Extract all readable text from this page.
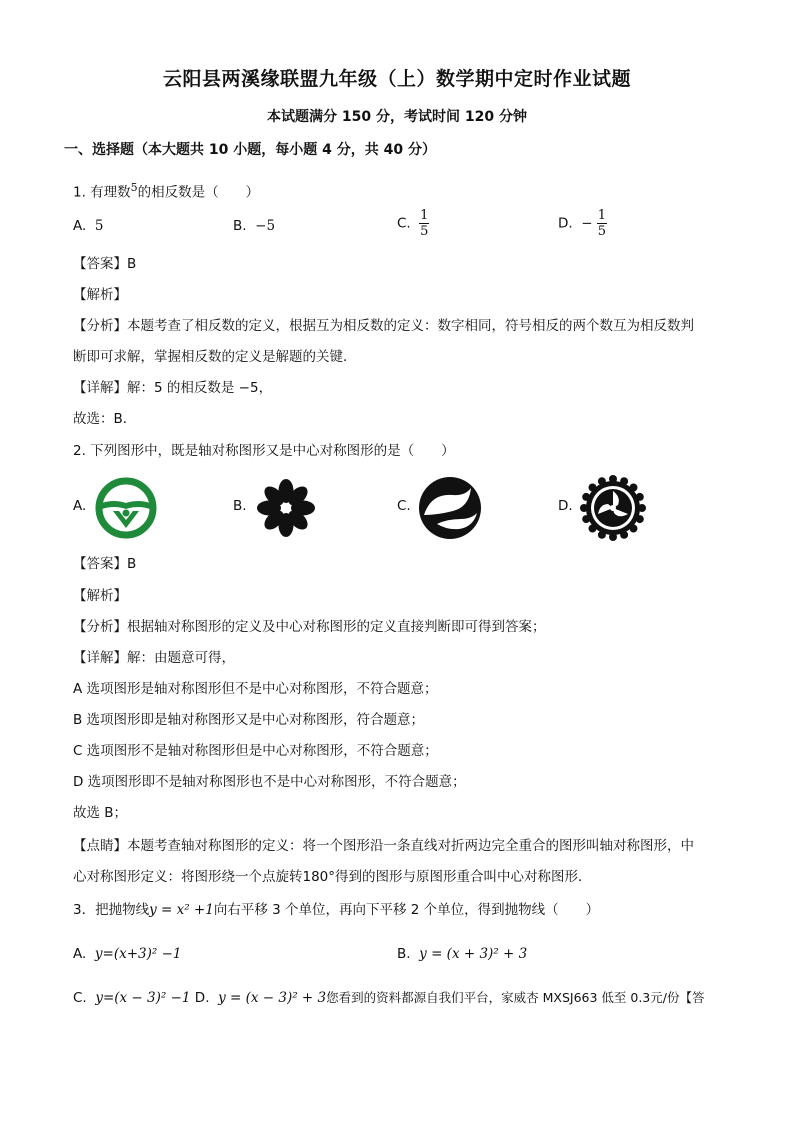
云阳县两溪缘联盟九年级（上）数学期中定时作业试题
本试题满分 150 分，考试时间 120 分钟
一、选择题（本大题共 10 小题，每小题 4 分，共 40 分）
1. 有理数$^5$的相反数是（　　）
A. 5	B. −5	C. $\frac{1}{5}$	D. − $\frac{1}{5}$
【答案】B
【解析】
【分析】本题考查了相反数的定义，根据互为相反数的定义：数字相同，符号相反的两个数互为相反数判
断即可求解，掌握相反数的定义是解题的关键．
【详解】解：5 的相反数是 −5，
故选：B．
2. 下列图形中，既是轴对称图形又是中心对称图形的是（　　）
A.	B.	C.	D.
【答案】B
【解析】
【分析】根据轴对称图形的定义及中心对称图形的定义直接判断即可得到答案；
【详解】解：由题意可得，
A 选项图形是轴对称图形但不是中心对称图形，不符合题意；
B 选项图形即是轴对称图形又是中心对称图形，符合题意；
C 选项图形不是轴对称图形但是中心对称图形，不符合题意；
D 选项图形即不是轴对称图形也不是中心对称图形，不符合题意；
故选 B；
【点睛】本题考查轴对称图形的定义：将一个图形沿一条直线对折两边完全重合的图形叫轴对称图形，中
心对称图形定义：将图形绕一个点旋转180°得到的图形与原图形重合叫中心对称图形．
3．把抛物线y = x² +1向右平移 3 个单位，再向下平移 2 个单位，得到抛物线（　　）
A. y=(x+3)² −1	B. y = (x + 3)² + 3
C. y=(x − 3)² −1 D. y = (x − 3)² + 3您看到的资料都源自我们平台，家威杏 MXSJ663 低至 0.3元/份【答
